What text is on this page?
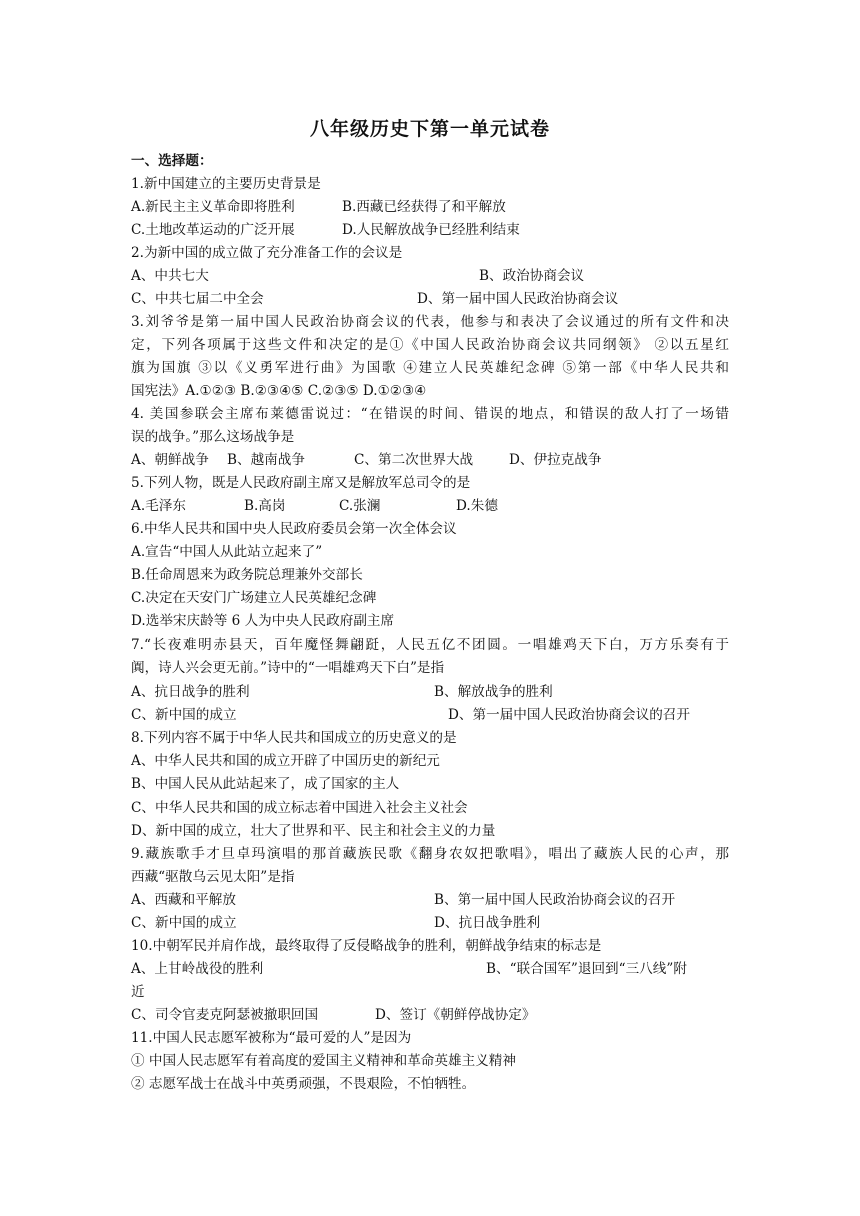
八年级历史下第一单元试卷
一、选择题：
1.新中国建立的主要历史背景是
A.新民主主义革命即将胜利	B.西藏已经获得了和平解放
C.土地改革运动的广泛开展	D.人民解放战争已经胜利结束
2.为新中国的成立做了充分准备工作的会议是
A、中共七大	B、政治协商会议
C、中共七届二中全会	D、第一届中国人民政治协商会议
3.刘爷爷是第一届中国人民政治协商会议的代表，他参与和表决了会议通过的所有文件和决
定，下列各项属于这些文件和决定的是①《中国人民政治协商会议共同纲领》 ②以五星红
旗为国旗 ③以《义勇军进行曲》为国歌 ④建立人民英雄纪念碑 ⑤第一部《中华人民共和
国宪法》A.①②③ B.②③④⑤ C.②③⑤ D.①②③④
4. 美国参联会主席布莱德雷说过：“在错误的时间、错误的地点，和错误的敌人打了一场错
误的战争。”那么这场战争是
A、朝鲜战争 B、越南战争	C、第二次世界大战	D、伊拉克战争
5.下列人物，既是人民政府副主席又是解放军总司令的是
A.毛泽东	B.高岗	C.张澜	D.朱德
6.中华人民共和国中央人民政府委员会第一次全体会议
A.宣告“中国人从此站立起来了”
B.任命周恩来为政务院总理兼外交部长
C.决定在天安门广场建立人民英雄纪念碑
D.选举宋庆龄等 6 人为中央人民政府副主席
7.“长夜难明赤县天，百年魔怪舞翩跹，人民五亿不团圆。一唱雄鸡天下白，万方乐奏有于
阗，诗人兴会更无前。”诗中的“一唱雄鸡天下白”是指
A、抗日战争的胜利	B、解放战争的胜利
C、新中国的成立	D、第一届中国人民政治协商会议的召开
8.下列内容不属于中华人民共和国成立的历史意义的是
A、中华人民共和国的成立开辟了中国历史的新纪元
B、中国人民从此站起来了，成了国家的主人
C、中华人民共和国的成立标志着中国进入社会主义社会
D、新中国的成立，壮大了世界和平、民主和社会主义的力量
9.藏族歌手才旦卓玛演唱的那首藏族民歌《翻身农奴把歌唱》，唱出了藏族人民的心声，那
西藏“驱散乌云见太阳”是指
A、西藏和平解放	B、第一届中国人民政治协商会议的召开
C、新中国的成立	D、抗日战争胜利
10.中朝军民并肩作战，最终取得了反侵略战争的胜利，朝鲜战争结束的标志是
A、上甘岭战役的胜利	B、“联合国军”退回到“三八线”附
近
C、司令官麦克阿瑟被撤职回国	D、签订《朝鲜停战协定》
11.中国人民志愿军被称为“最可爱的人”是因为
① 中国人民志愿军有着高度的爱国主义精神和革命英雄主义精神
② 志愿军战士在战斗中英勇顽强，不畏艰险，不怕牺牲。
